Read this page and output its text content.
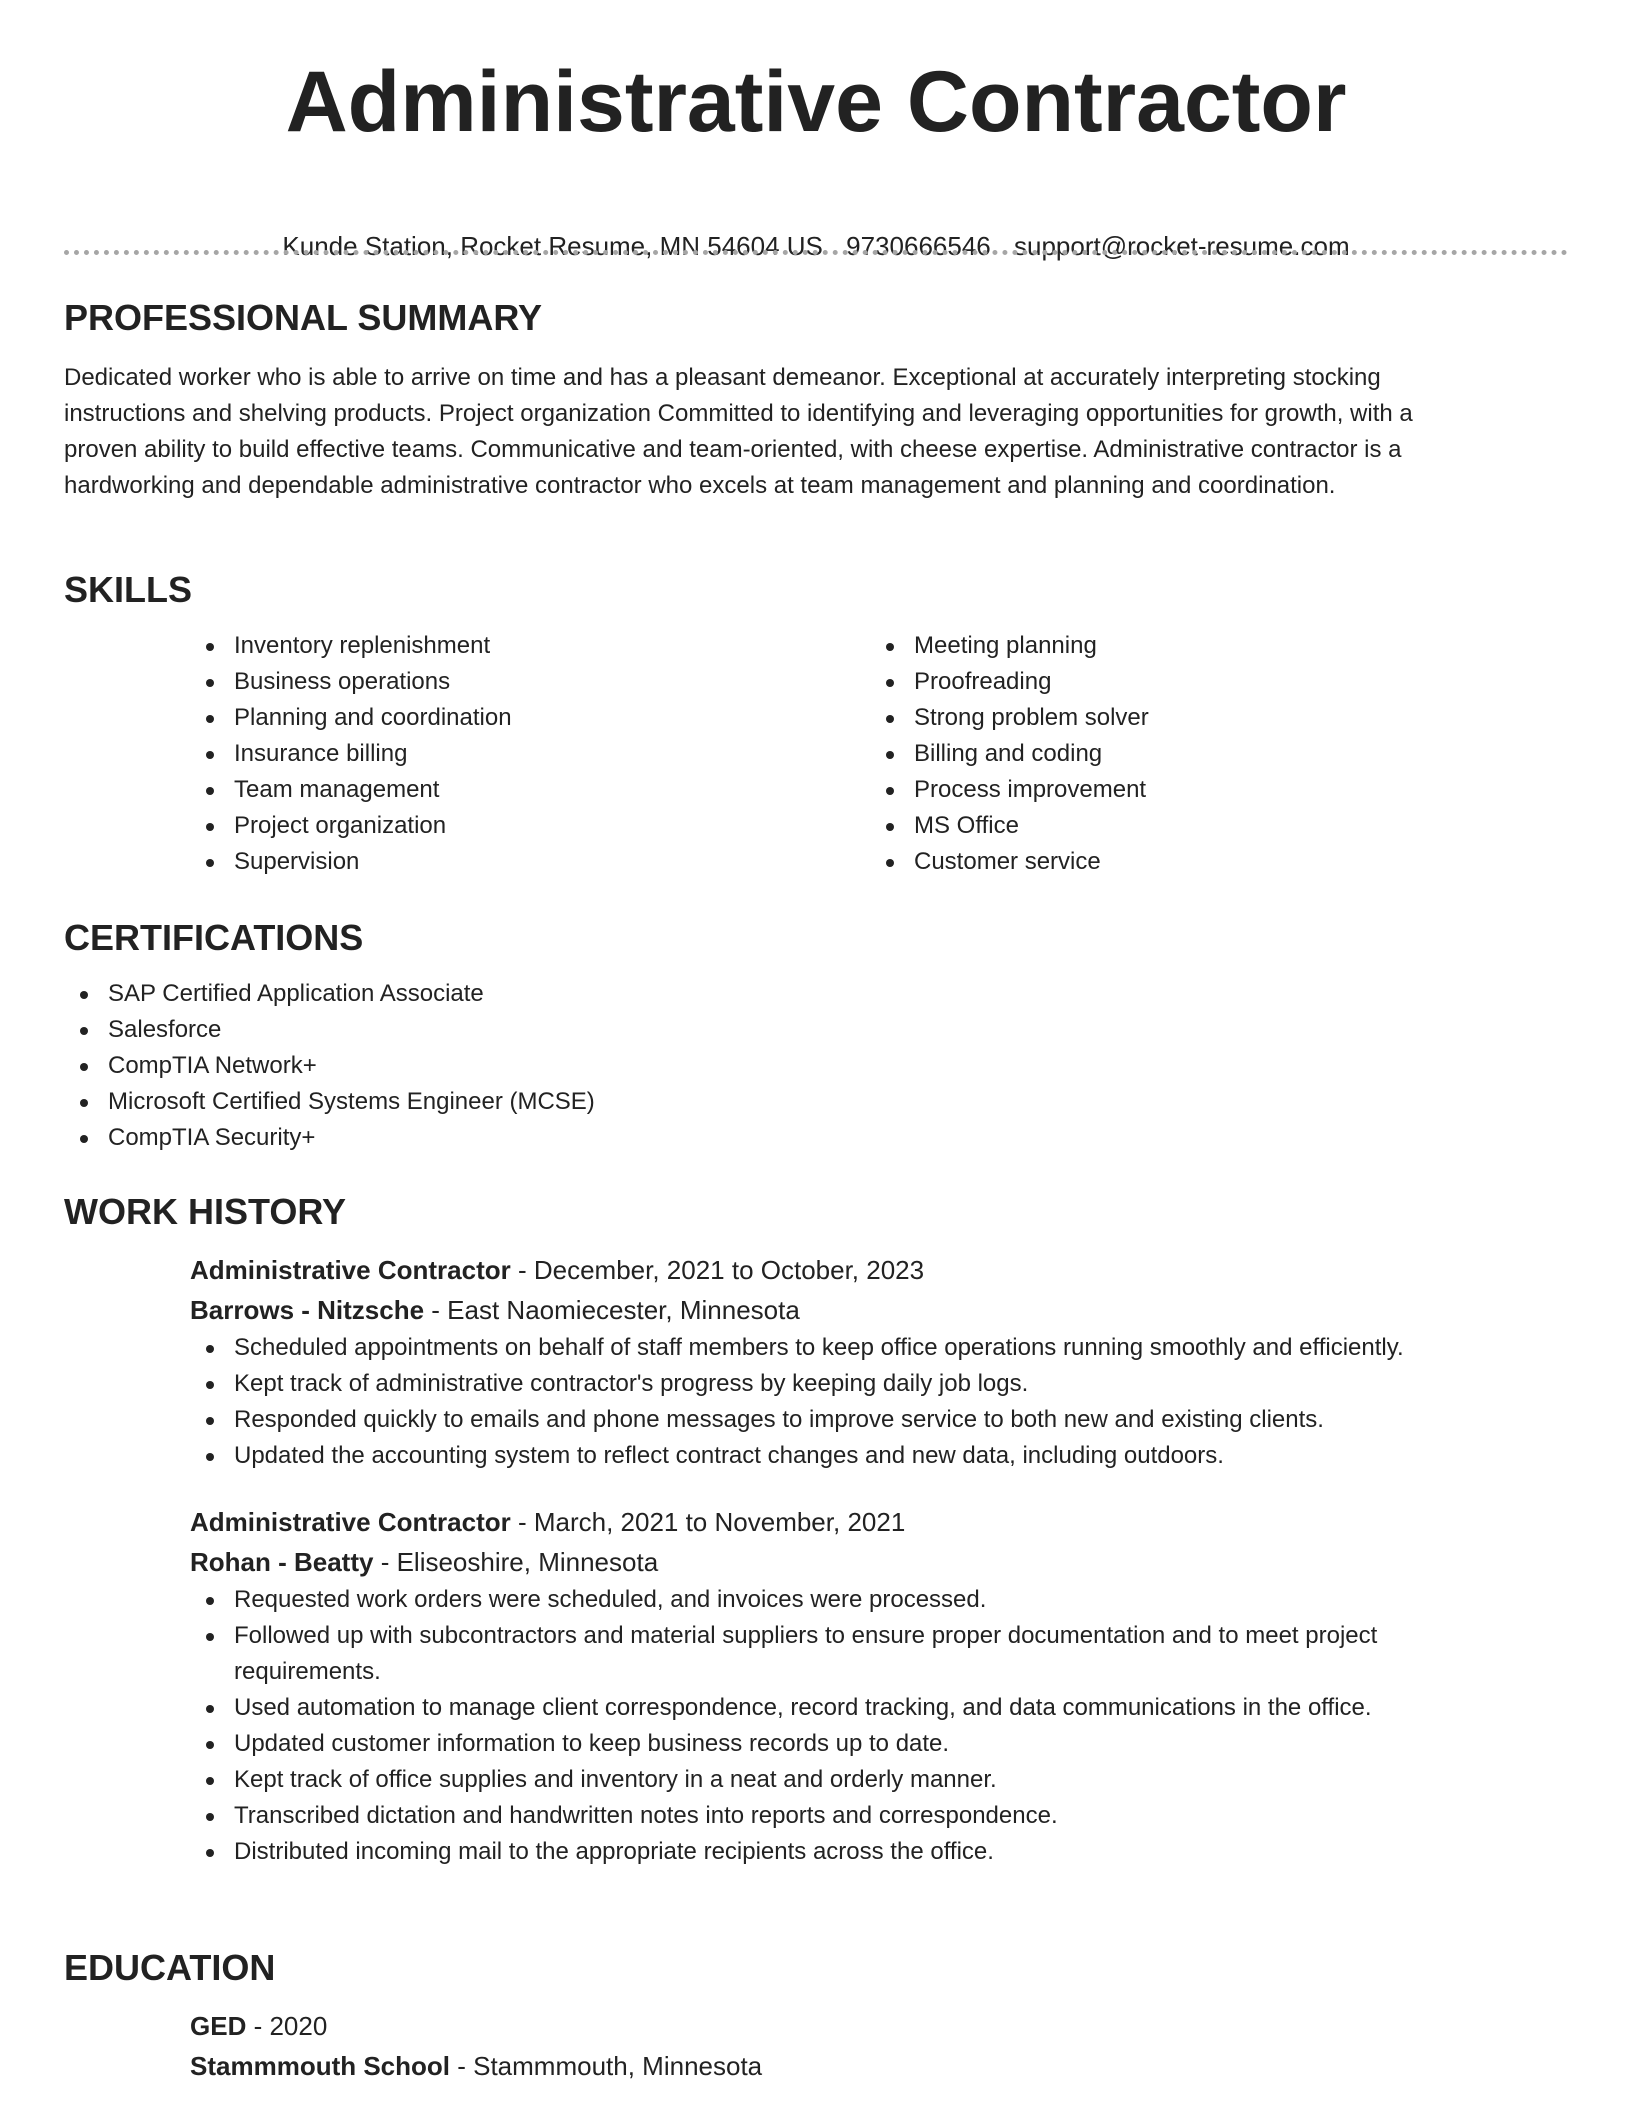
Administrative Contractor
Kunde Station, Rocket Resume, MN 54604 US 9730666546 support@rocket-resume.com
PROFESSIONAL SUMMARY

Dedicated worker who is able to arrive on time and has a pleasant demeanor. Exceptional at accurately interpreting stocking instructions and shelving products. Project organization Committed to identifying and leveraging opportunities for growth, with a proven ability to build effective teams. Communicative and team-oriented, with cheese expertise. Administrative contractor is a hardworking and dependable administrative contractor who excels at team management and planning and coordination.

SKILLS
Inventory replenishment
Business operations
Planning and coordination
Insurance billing
Team management
Project organization
Supervision
Meeting planning
Proofreading
Strong problem solver
Billing and coding
Process improvement
MS Office
Customer service
CERTIFICATIONS
SAP Certified Application Associate
Salesforce
CompTIA Network+
Microsoft Certified Systems Engineer (MCSE)
CompTIA Security+
WORK HISTORY
Administrative Contractor - December, 2021 to October, 2023
Barrows - Nitzsche - East Naomiecester, Minnesota
Scheduled appointments on behalf of staff members to keep office operations running smoothly and efficiently.
Kept track of administrative contractor's progress by keeping daily job logs.
Responded quickly to emails and phone messages to improve service to both new and existing clients.
Updated the accounting system to reflect contract changes and new data, including outdoors.
Administrative Contractor - March, 2021 to November, 2021
Rohan - Beatty - Eliseoshire, Minnesota
Requested work orders were scheduled, and invoices were processed.
Followed up with subcontractors and material suppliers to ensure proper documentation and to meet project requirements.
Used automation to manage client correspondence, record tracking, and data communications in the office.
Updated customer information to keep business records up to date.
Kept track of office supplies and inventory in a neat and orderly manner.
Transcribed dictation and handwritten notes into reports and correspondence.
Distributed incoming mail to the appropriate recipients across the office.
EDUCATION
GED - 2020
Stammmouth School - Stammmouth, Minnesota
